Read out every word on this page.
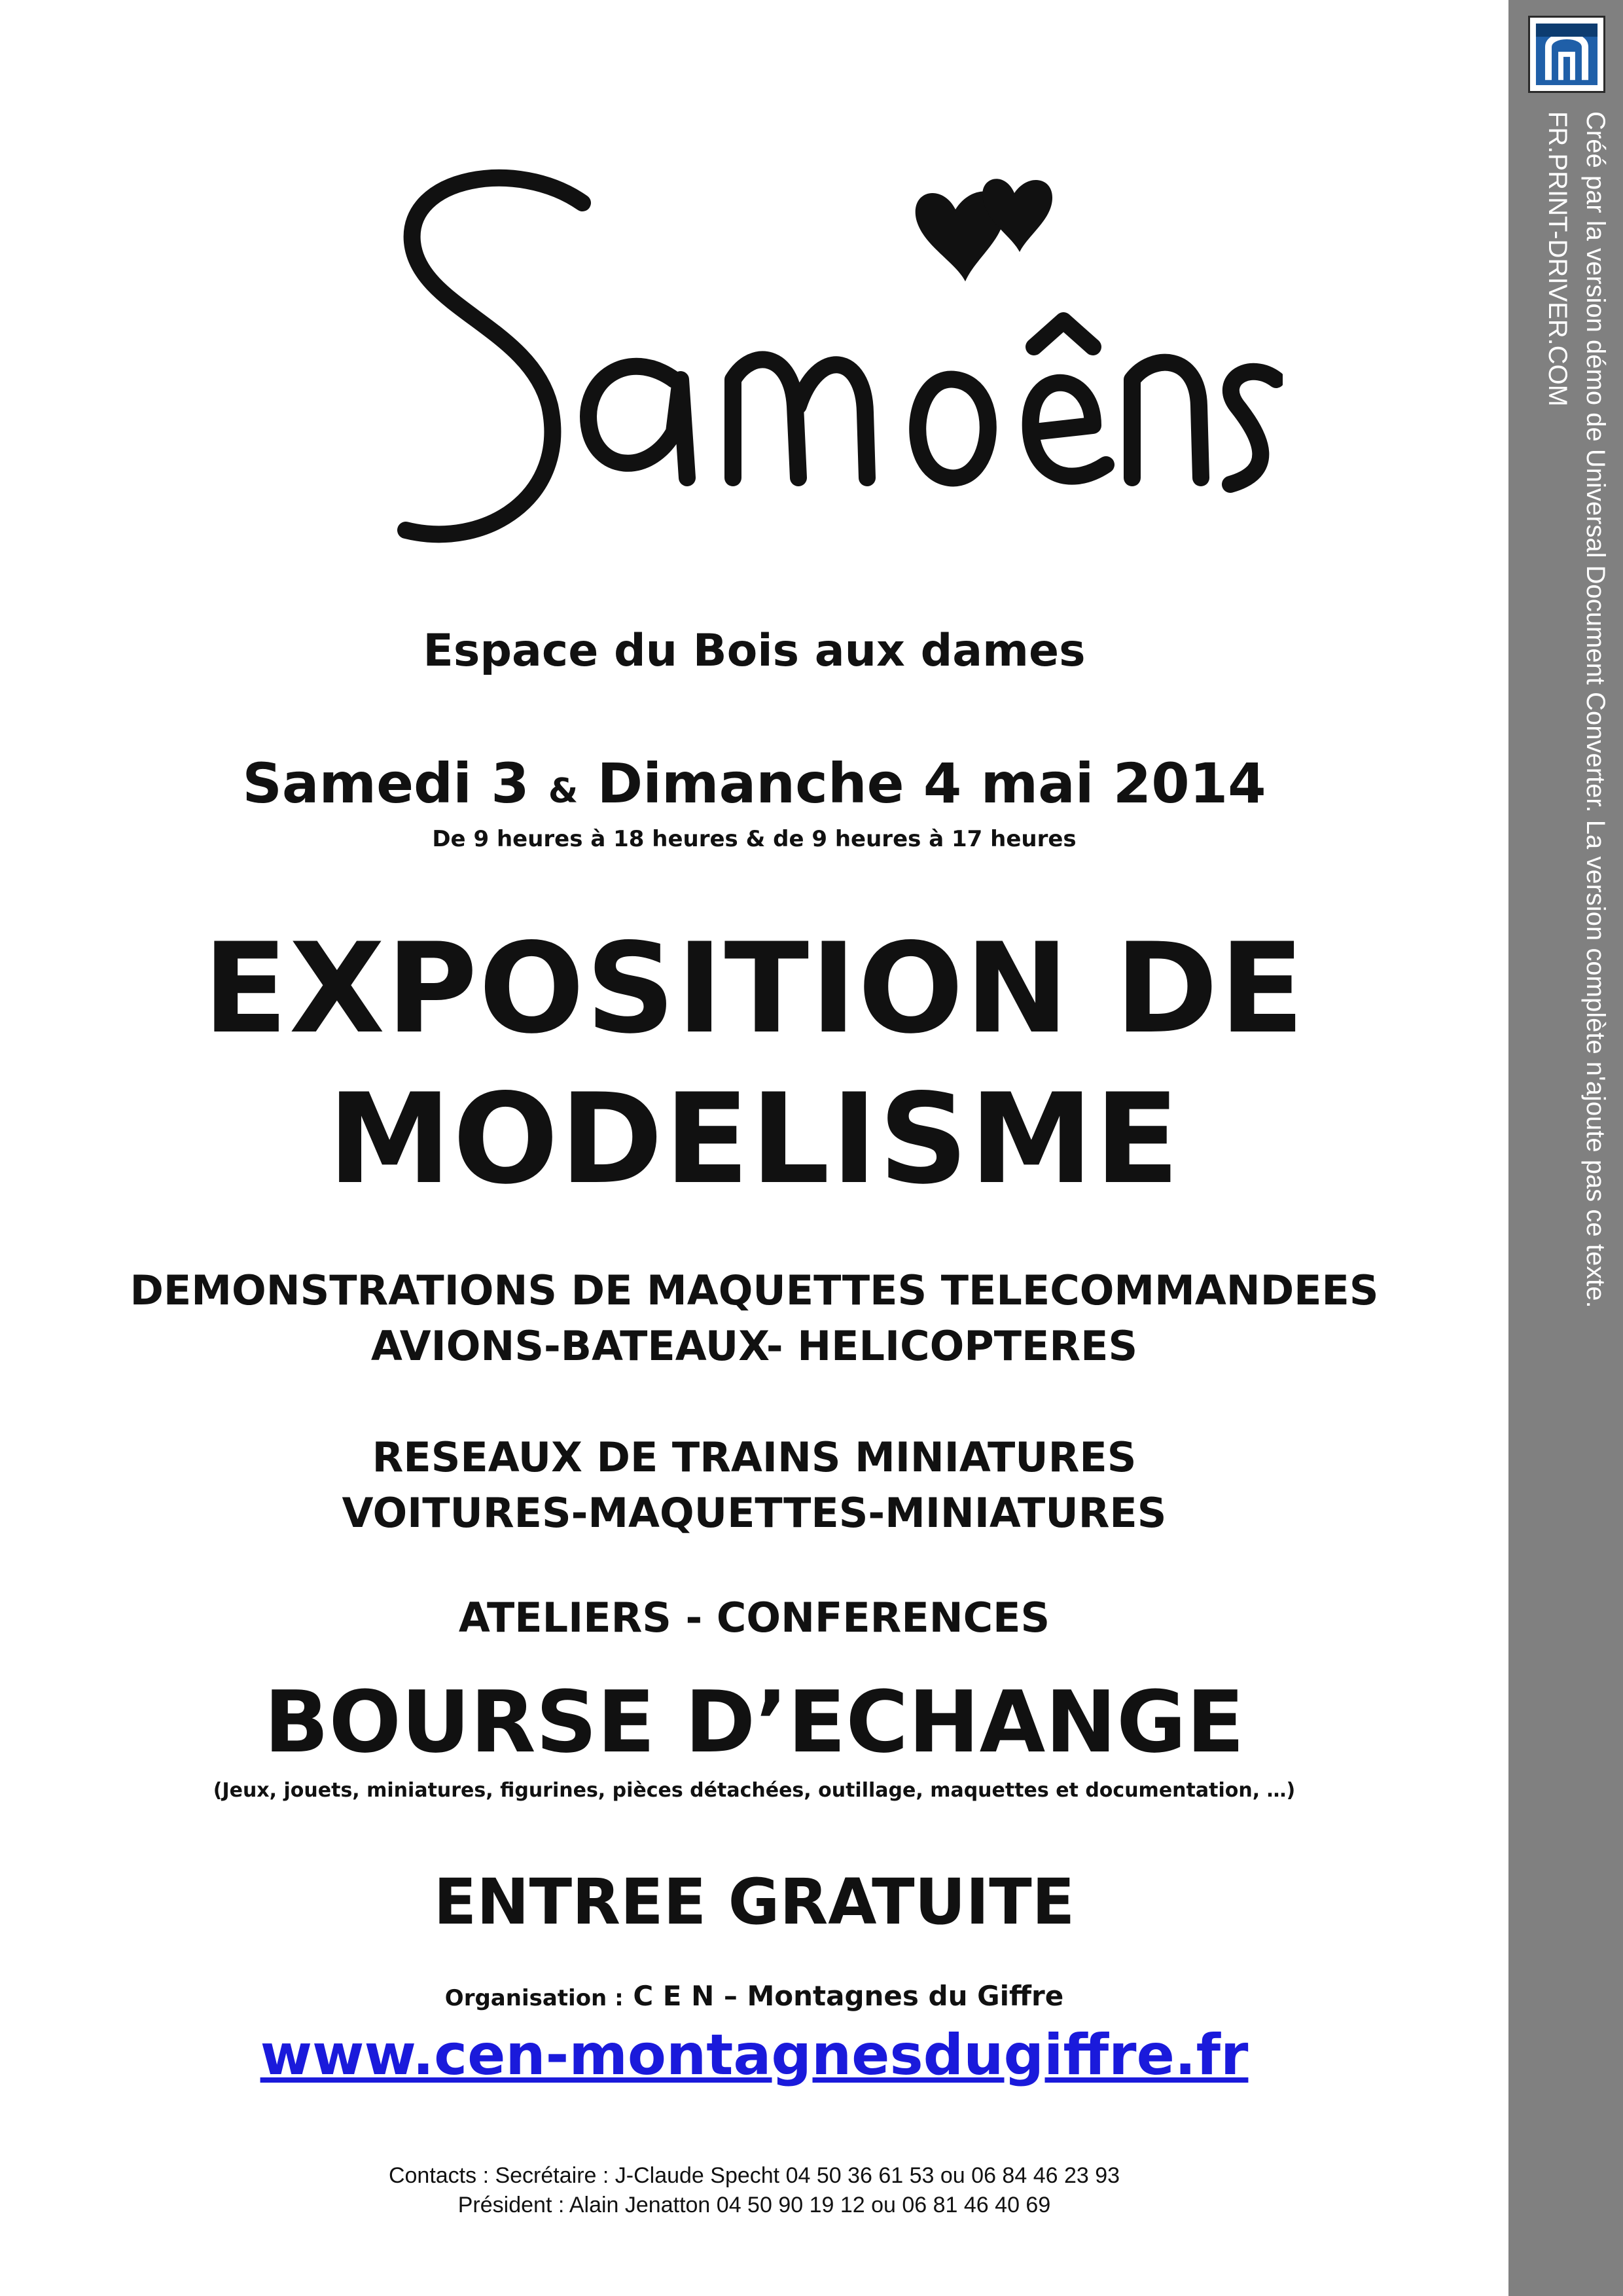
Espace du Bois aux dames
Samedi 3 & Dimanche 4 mai 2014
De 9 heures à 18 heures & de 9 heures à 17 heures
EXPOSITION DE
MODELISME
DEMONSTRATIONS DE MAQUETTES TELECOMMANDEES
AVIONS-BATEAUX- HELICOPTERES
RESEAUX DE TRAINS MINIATURES
VOITURES-MAQUETTES-MINIATURES
ATELIERS - CONFERENCES
BOURSE D’ECHANGE
(Jeux, jouets, miniatures, figurines, pièces détachées, outillage, maquettes et documentation, …)
ENTREE GRATUITE
Organisation : C E N – Montagnes du Giffre
www.cen-montagnesdugiffre.fr
Contacts : Secrétaire : J-Claude Specht 04 50 36 61 53 ou 06 84 46 23 93
Président : Alain Jenatton 04 50 90 19 12 ou 06 81 46 40 69
Créé par la version démo de Universal Document Converter. La version complète n'ajoute pas ce texte.
FR.PRINT-DRIVER.COM
